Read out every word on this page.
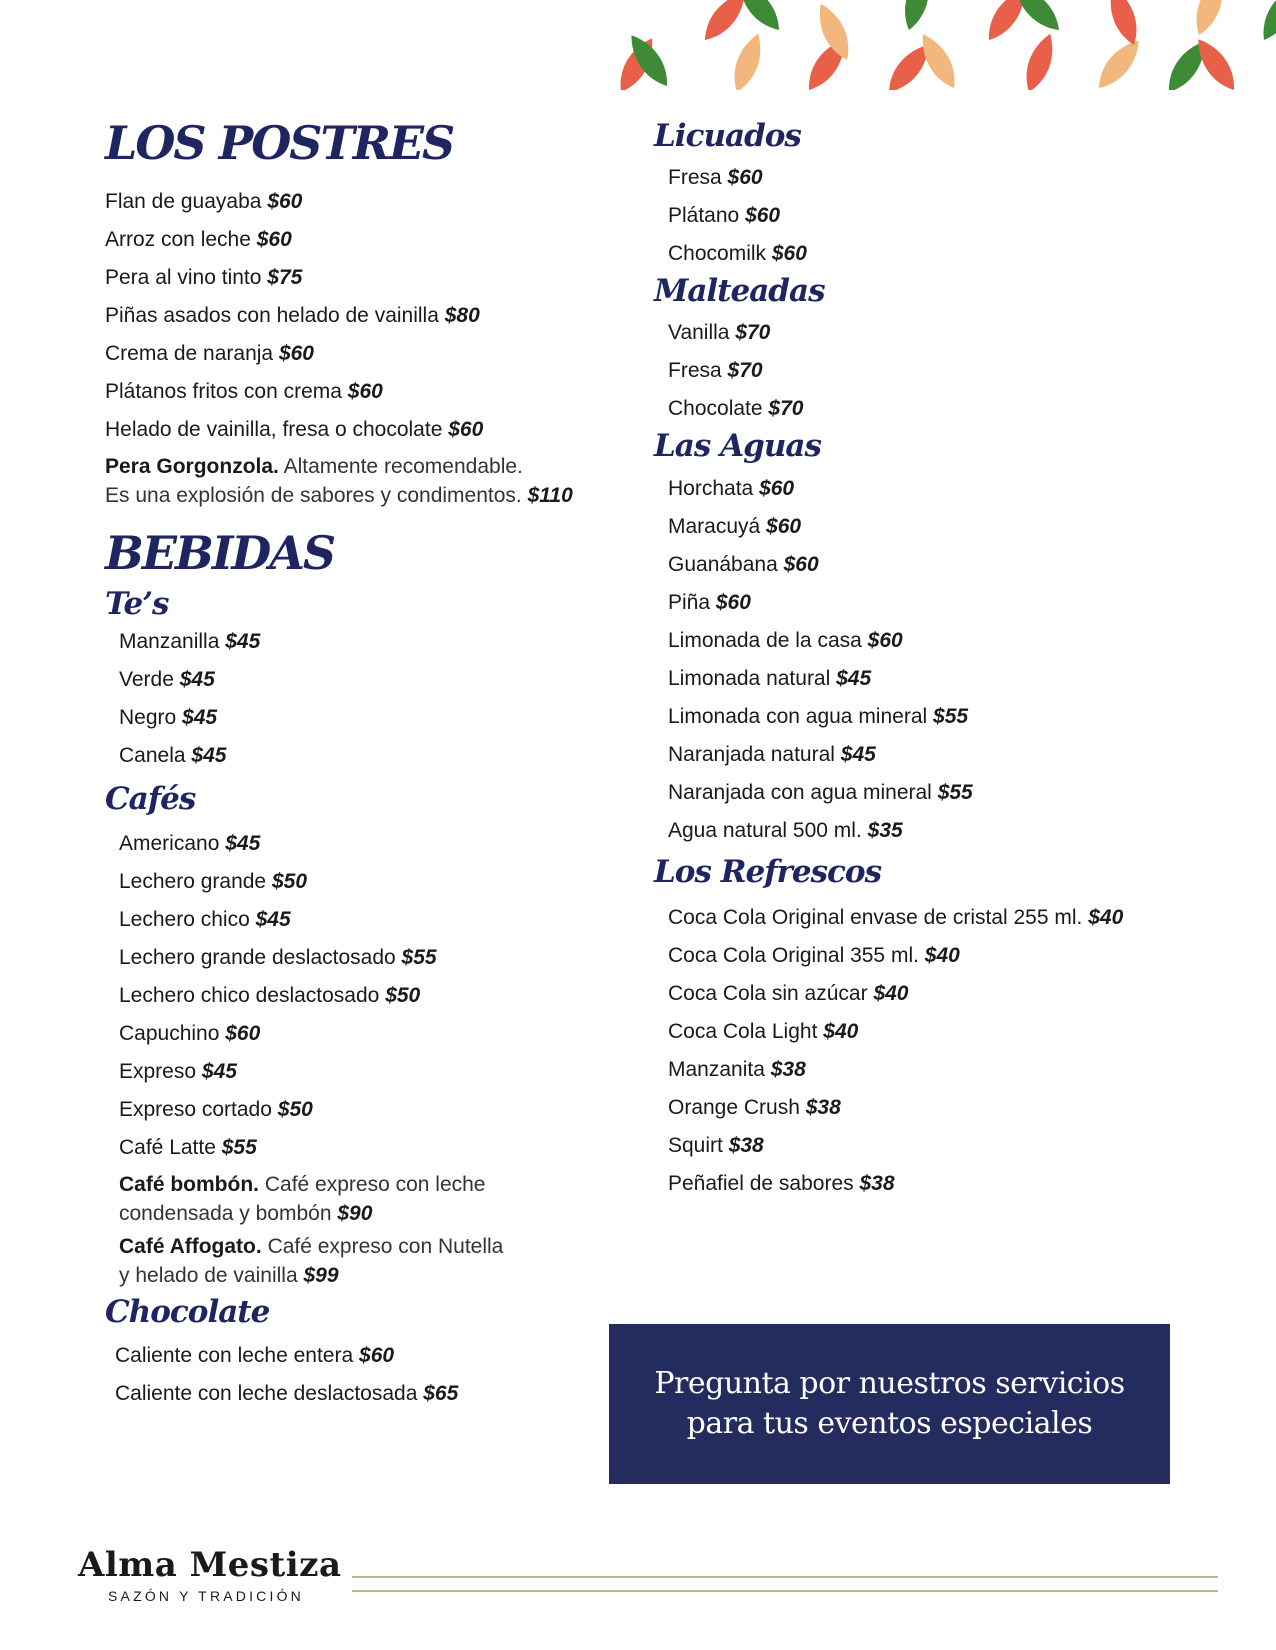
LOS POSTRES
Flan de guayaba $60
Arroz con leche $60
Pera al vino tinto $75
Piñas asados con helado de vainilla $80
Crema de naranja $60
Plátanos fritos con crema $60
Helado de vainilla, fresa o chocolate $60
Pera Gorgonzola. Altamente recomendable.
Es una explosión de sabores y condimentos. $110
BEBIDAS
Te’s
Manzanilla $45
Verde $45
Negro $45
Canela $45
Cafés
Americano $45
Lechero grande $50
Lechero chico $45
Lechero grande deslactosado $55
Lechero chico deslactosado $50
Capuchino $60
Expreso $45
Expreso cortado $50
Café Latte $55
Café bombón. Café expreso con leche
condensada y bombón $90
Café Affogato. Café expreso con Nutella
y helado de vainilla $99
Chocolate
Caliente con leche entera $60
Caliente con leche deslactosada $65
Licuados
Fresa $60
Plátano $60
Chocomilk $60
Malteadas
Vanilla $70
Fresa $70
Chocolate $70
Las Aguas
Horchata $60
Maracuyá $60
Guanábana $60
Piña $60
Limonada de la casa $60
Limonada natural $45
Limonada con agua mineral $55
Naranjada natural $45
Naranjada con agua mineral $55
Agua natural 500 ml. $35
Los Refrescos
Coca Cola Original envase de cristal 255 ml. $40
Coca Cola Original 355 ml. $40
Coca Cola sin azúcar $40
Coca Cola Light $40
Manzanita $38
Orange Crush $38
Squirt $38
Peñafiel de sabores $38
Pregunta por nuestros servicios
para tus eventos especiales
Alma Mestiza
SAZÓN Y TRADICIÓN
